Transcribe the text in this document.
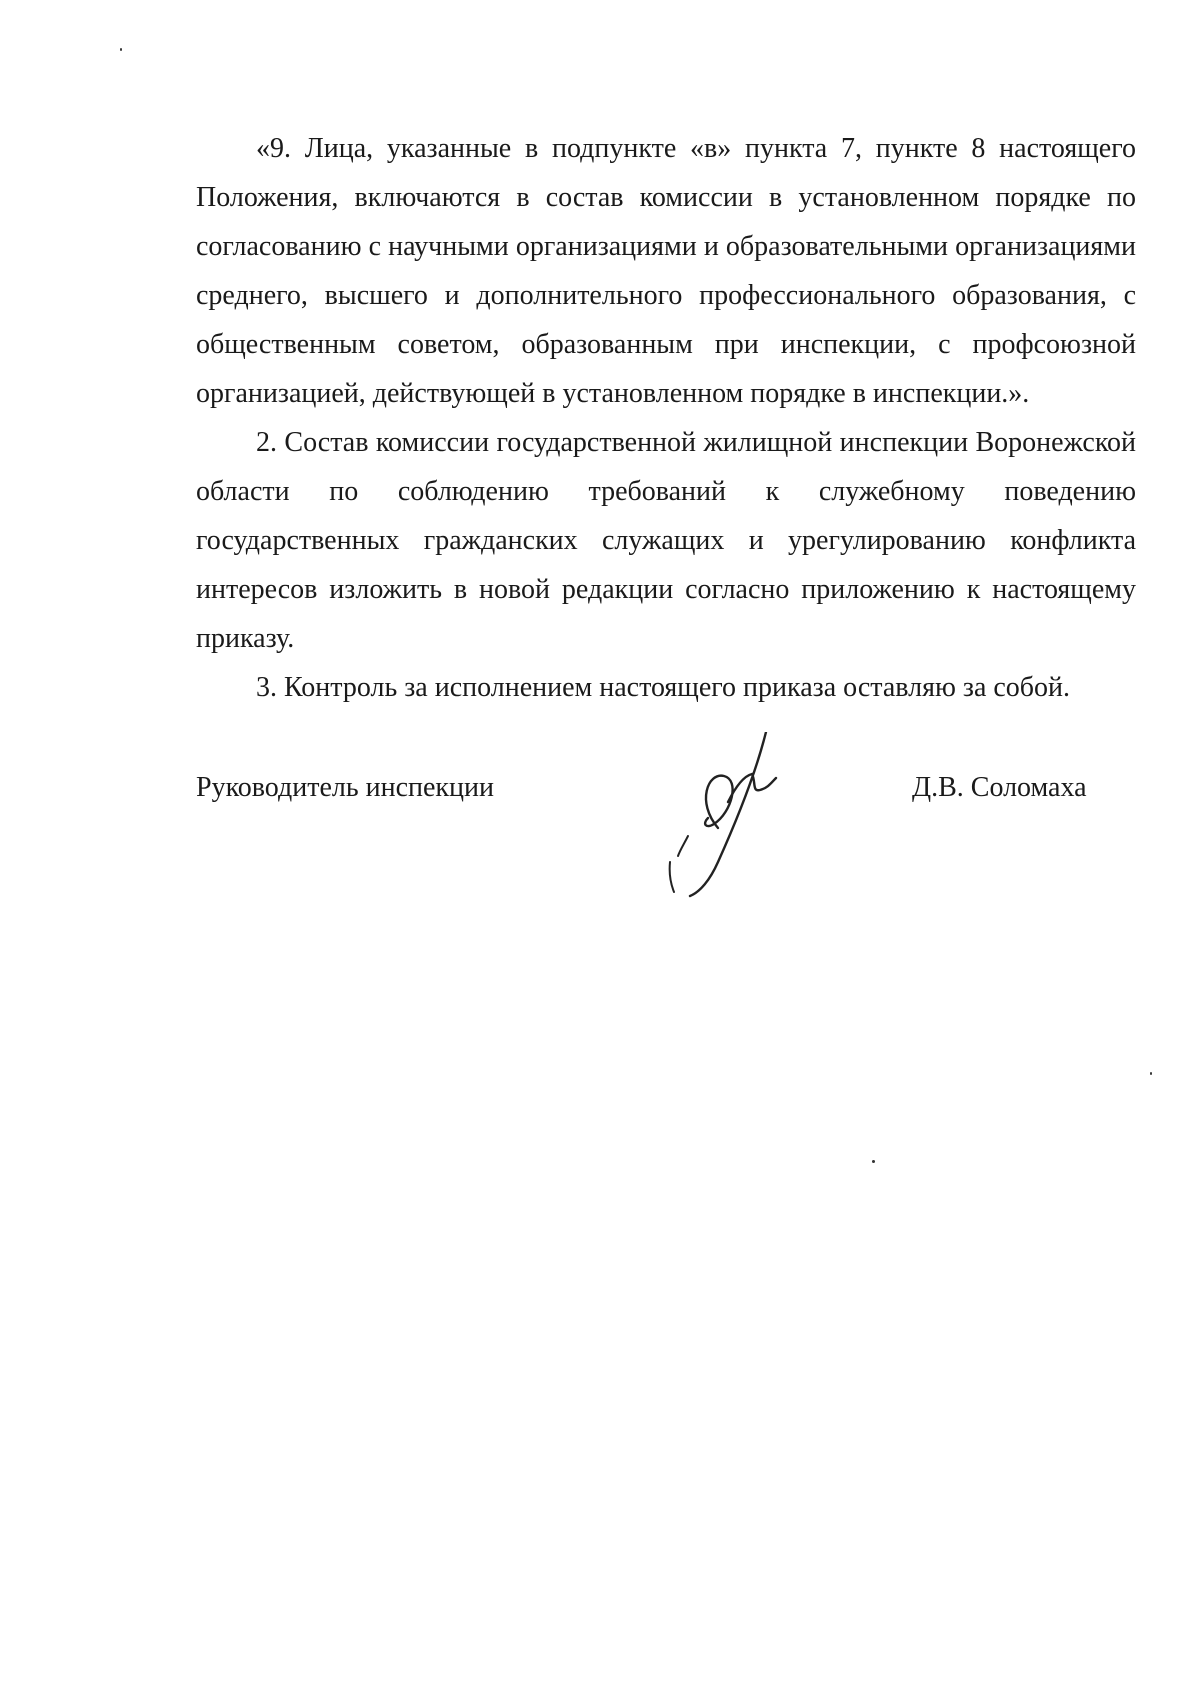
«9. Лица, указанные в подпункте «в» пункта 7, пункте 8 настоящего Положения, включаются в состав комиссии в установленном порядке по согласованию с научными организациями и образовательными организациями среднего, высшего и дополнительного профессионального образования, с общественным советом, образованным при инспекции, с профсоюзной организацией, действующей в установленном порядке в инспекции.».

2. Состав комиссии государственной жилищной инспекции Воронежской области по соблюдению требований к служебному поведению государственных гражданских служащих и урегулированию конфликта интересов изложить в новой редакции согласно приложению к настоящему приказу.

3. Контроль за исполнением настоящего приказа оставляю за собой.

Руководитель инспекции	Д.В. Соломаха
